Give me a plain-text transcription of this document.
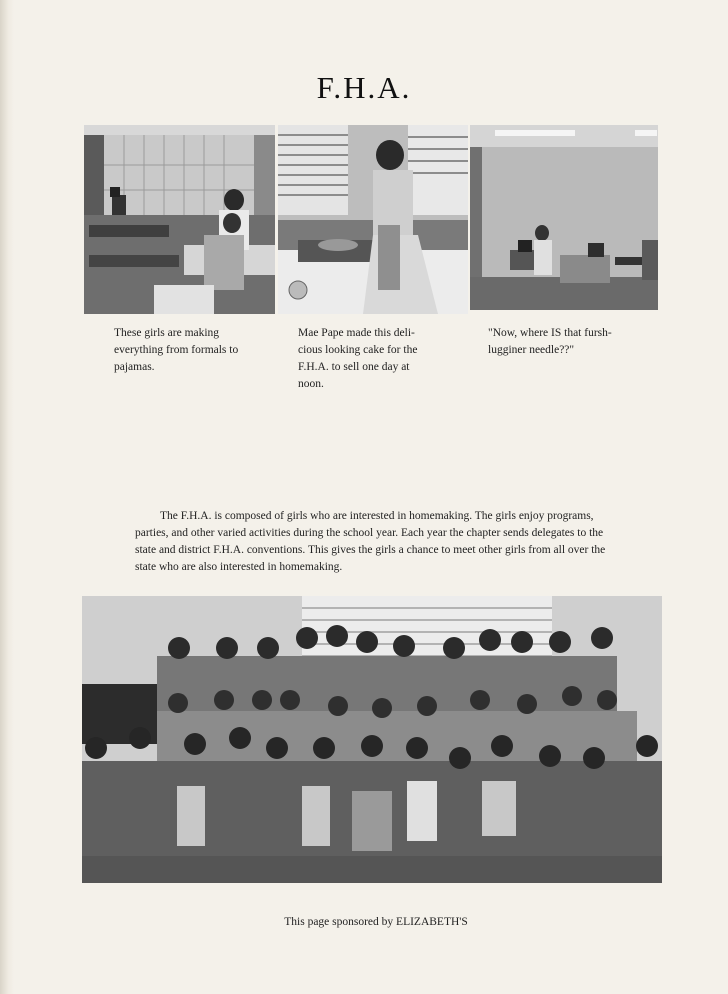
F.H.A.
These girls are making
everything from formals to
pajamas.
Mae Pape made this deli-
cious looking cake for the
F.H.A. to sell one day at
noon.
"Now, where IS that fursh-
lugginer needle??"
The F.H.A. is composed of girls who are interested in homemaking. The girls enjoy programs, parties, and other varied activities during the school year. Each year the chapter sends delegates to the state and district F.H.A. conventions. This gives the girls a chance to meet other girls from all over the state who are also interested in homemaking.
This page sponsored by ELIZABETH'S
